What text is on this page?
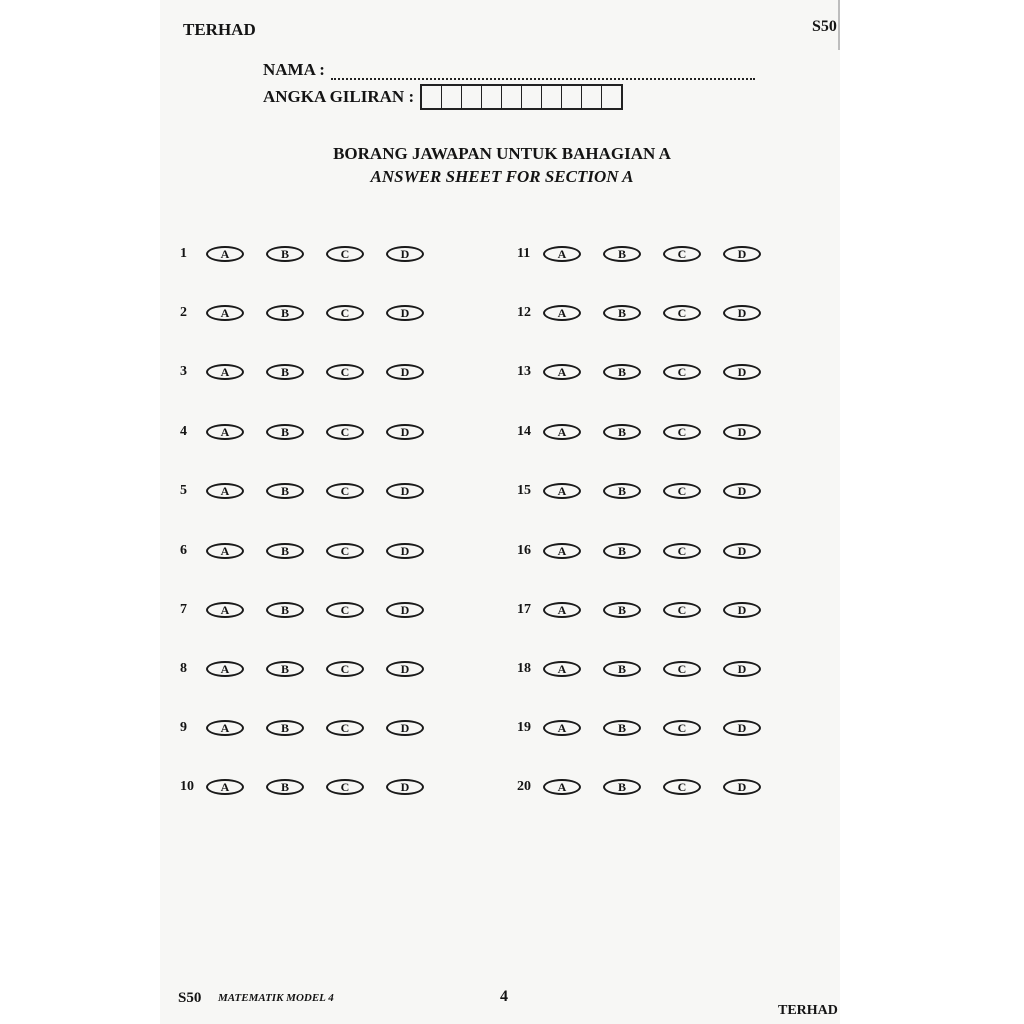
TERHAD	S50
NAMA :
ANGKA GILIRAN :
BORANG JAWAPAN UNTUK BAHAGIAN A
ANSWER SHEET FOR SECTION A
1	A	B	C	D
2	A	B	C	D
3	A	B	C	D
4	A	B	C	D
5	A	B	C	D
6	A	B	C	D
7	A	B	C	D
8	A	B	C	D
9	A	B	C	D
10	A	B	C	D
11	A	B	C	D
12	A	B	C	D
13	A	B	C	D
14	A	B	C	D
15	A	B	C	D
16	A	B	C	D
17	A	B	C	D
18	A	B	C	D
19	A	B	C	D
20	A	B	C	D
S50 MATEMATIK MODEL 4	4
TERHAD
